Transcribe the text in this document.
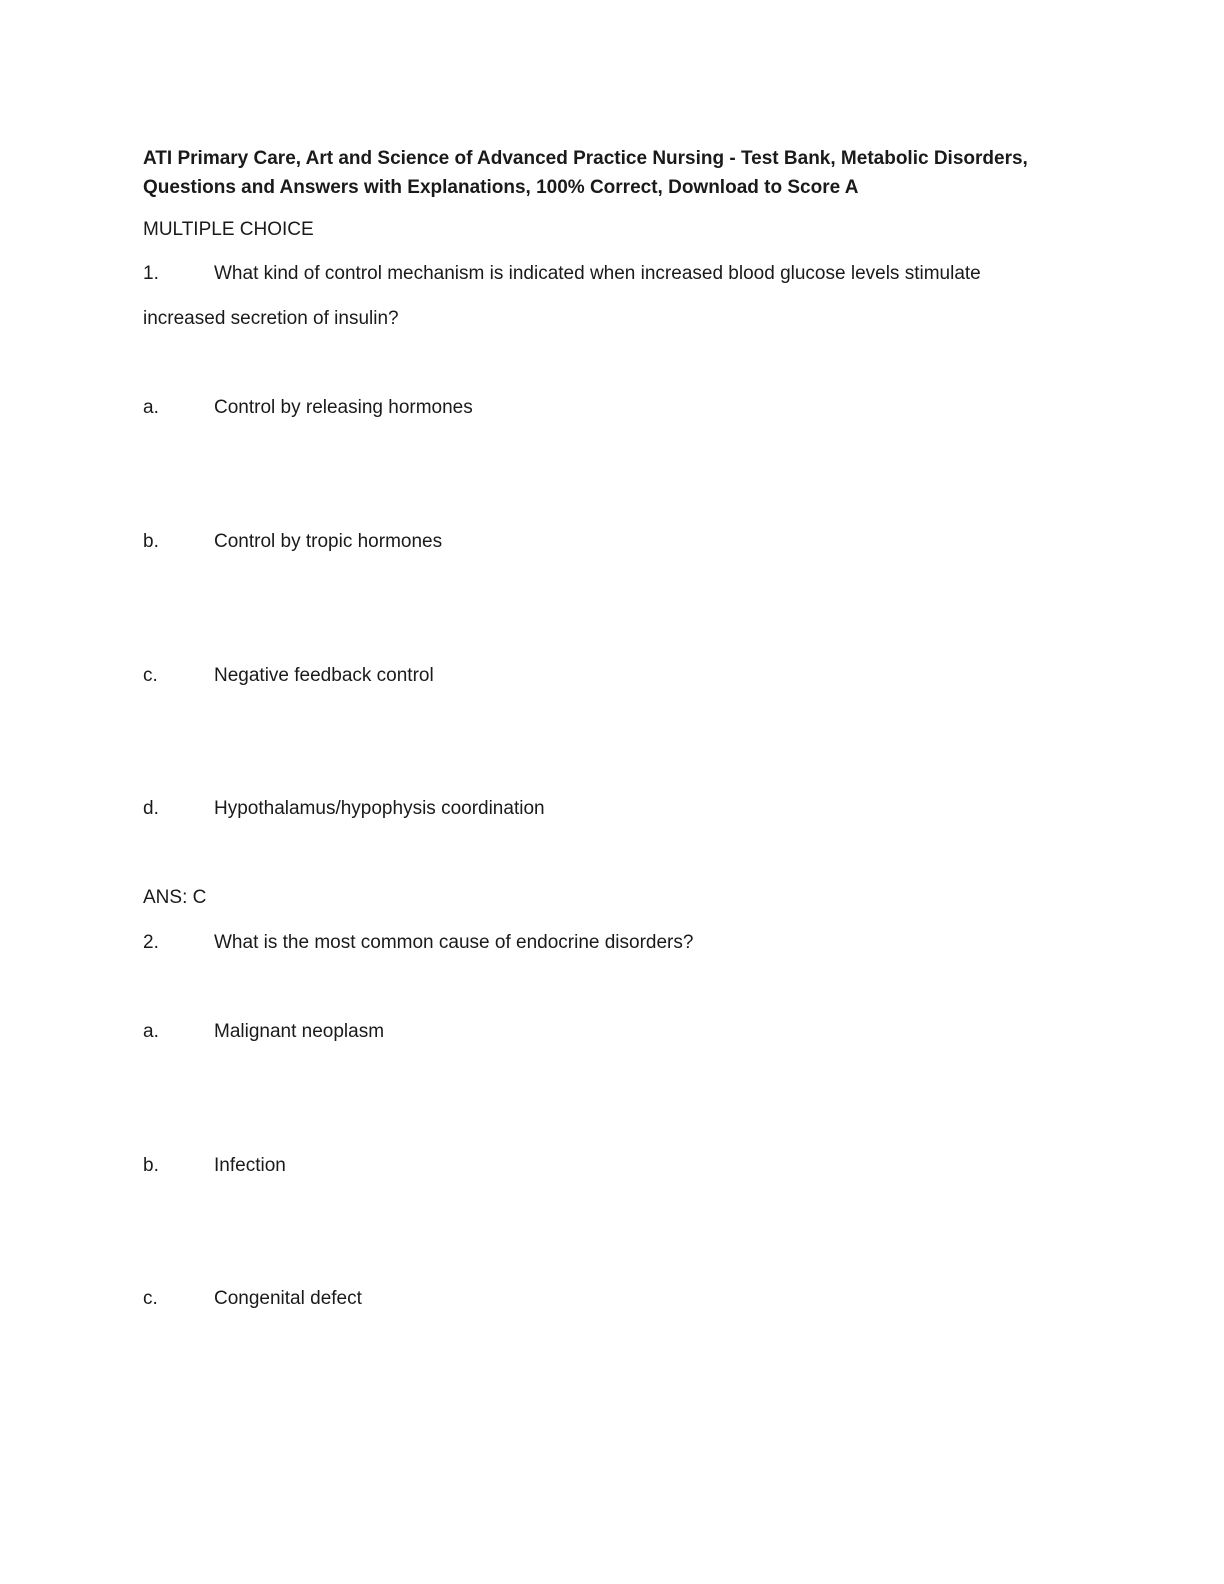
ATI Primary Care, Art and Science of Advanced Practice Nursing - Test Bank, Metabolic Disorders, Questions and Answers with Explanations, 100% Correct, Download to Score A
MULTIPLE CHOICE
1.	What kind of control mechanism is indicated when increased blood glucose levels stimulate
increased secretion of insulin?
a.	Control by releasing hormones
b.	Control by tropic hormones
c.	Negative feedback control
d.	Hypothalamus/hypophysis coordination
ANS: C
2.	What is the most common cause of endocrine disorders?
a.	Malignant neoplasm
b.	Infection
c.	Congenital defect
